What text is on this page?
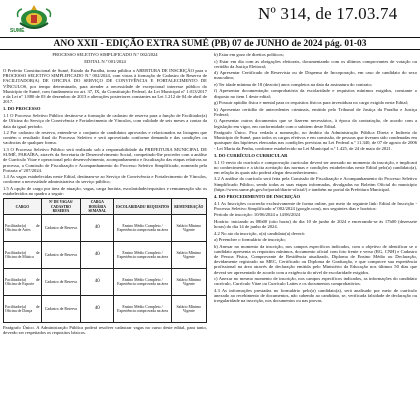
SUMÉ
Nº 314, de 17.03.74
ANO XXII - EDIÇÃO EXTRA SUMÉ (PB) 07 de JUNHO de 2024 pág. 01-03

PROCESSO SELETIVO SIMPLIFICADO N.º 002/2024

EDITAL N.º 001/2024

O Prefeito Constitucional de Sumé, Estado da Paraíba, torna pública a ABERTURA DE INSCRIÇÃO para o PROCESSO SELETIVO SIMPLIFICADO N.º 002/2024, com vistas à formação de Cadastro de Reserva de FACILITADOR(A) DE OFICINA DO SERVIÇO DE CONVIVÊNCIA E FORTALECIMENTO DE VÍNCULOS, por tempo determinado, para atender a necessidade de excepcional interesse público do Município de Sumé, com fundamento no art. 37, IX, da Constituição Federal, da Lei Municipal nº 1.013/2017 e da Lei nº 1.880 de 03 de dezembro de 2013 e alterações posteriores constantes na Lei 1.212 de 04 de abril de 2017.

1. DO PROCESSO

1.1 O Processo Seletivo Público destina-se a formação de cadastro de reserva para a função de Facilitador(a) de Oficina do Serviço de Convivência e Fortalecimento de Vínculos, com validade de seis meses a contar da data da igual período.

1.2 Por cadastro de reserva, entende-se o conjunto de candidatos aprovados e relacionados na listagem que contém o resultado final do Processo Seletivo e será aproveitado conforme demanda e das condições ou vacâncias de qualquer forma.

1.3 O Processo Seletivo Público será realizado sob a responsabilidade da PREFEITURA MUNICIPAL DE SUMÉ, PARAÍBA, através da Secretaria de Desenvolvimento Social, competindo-lhe proceder com a análise de Currículo Vitae e operacional pelo desenvolvimento, acompanhamento e fiscalização das etapas relativas ao processo, a Comissão de Fiscalização e Acompanhamento do Processo Seletivo Simplificado, nomeada pela Portaria nº 207/2024.

1.4 As vagas estabelecidas neste Edital, destinam-se ao Serviço de Convivência e Fortalecimento de Vínculos, conforme a necessidade administrativa do serviço público;

1.5 A opção de cargo por área de atuação, vagas, carga horária, escolaridade/requisitos e remuneração são os estabelecidos no quadro a seguir:

CARGO	Nº DE VAGAS/ CADASTRO RESERVA	CARGA HORÁRIA SEMANAL	ESCOLARIDADE/ REQUISITOS	REMUNERAÇÃO
Facilitador(a) de Oficina de Artes	Cadastro de Reserva	40	Ensino Médio Completo / Experiência comprovada na área	Salário Mínimo Vigente
Facilitador(a) de Oficina de Música	Cadastro de Reserva	40	Ensino Médio Completo / Experiência comprovada na área	Salário Mínimo Vigente
Facilitador(a) de Oficina de Esporte	Cadastro de Reserva	40	Ensino Médio Completo / Experiência comprovada na área	Salário Mínimo Vigente
Facilitador(a) de Oficina de Dança	Cadastro de Reserva	40	Ensino Médio Completo / Experiência comprovada na área	Salário Mínimo Vigente

Parágrafo Único. A Administração Pública poderá resolver cadastrar vagas no curso deste edital, para tanto, deverão ser respeitados os requisitos básicos.

b) Estar em gozo de direitos políticos;

c) Estar em dia com as obrigações eleitorais, documentando com os últimos comprovantes de votação ou certidão da Justiça Eleitoral;

d) Apresentar Certificado de Reservista ou de Dispensa de Incorporação, em caso de candidato do sexo masculino;

e) Ter idade mínima de 18 (dezoito) anos completos na data da assinatura do contrato;

f) Apresentar documentação comprobatória da escolaridade e requisitos mínimos exigidos, constante o disposto no item 1 deste edital;

g) Possuir aptidão física e mental para os requisitos físicos para investidura no cargo exigido neste Edital;

h) Apresentar certidão de antecedentes criminais, emitido pelo Tribunal de Justiça da Paraíba e Justiça Federal;

i) Apresentar outros documentos que se fizerem necessários, à época da contratação, de acordo com a legislação em vigor, em conformidade com o subitem deste Edital.

Parágrafo Único. Fica vedada a nomeação, no âmbito da Administração Pública Direta e Indireta do Município de Sumé, para todos os cargos efetivos e em comissão, de pessoas que tiveram sido condenadas em quaisquer das hipóteses elencadas nas condições previstas na Lei Federal n.º 11.340, de 07 de agosto de 2006 - Lei Maria da Penha, conforme estabelecido na Lei Municipal n.º 1.425, de 24 de maio de 2021.

3. DO CURRÍCULO CURRICULAR

3.1 O envio do currículo e comprovação curricular deverá ser anexado no momento da inscrição, e implicará no conhecimento e a tácita aceitação das normas e condições estabelecidas neste Edital pelo(a) candidato(a), em relação às quais não poderá alegar desconhecimento.

3.2 A análise do currículo será feita pela Comissão de Fiscalização e Acompanhamento do Processo Seletivo Simplificado Público, sendo todas as suas etapas informadas, divulgadas no Boletim Oficial do município (https://www.sume.pb.gov.br/portal/diario-oficial/) e também no portal da Prefeitura Municipal.

4. DO PROCEDIMENTO DE INSCRIÇÃO

4.1 As Inscrições ocorrerão exclusivamente de forma online, por meio do seguinte link: Edital de Inscrição - Processo Seletivo Simplificado nº 002/2024 (google.com), nos seguintes dias e horários:

Período de inscrição: 10/06/2024 a 14/06/2024

Horário: iniciando as 08h00 (oito horas) do dia 10 de junho de 2024 e encerrando-se às 17h00 (dezessete horas) do dia 14 de junho de 2024.

4.2 No ato da inscrição, o(a) candidato(a) deverá:

a) Preencher o formulário de inscrição;

b) Anexar no momento da inscrição, nos campos específicos indicados, com o objetivo de identificar se o candidato apresenta os requisitos mínimos, documento oficial com foto frente e verso (RG, CNH) e Cadastro de Pessoa Física, Comprovante de Residência atualizado, Diploma de Ensino Médio ou Declaração, devidamente registrado no MEC, Certificado ou Diploma de Graduação, e que comprove sua experiência profissional na área através de declaração emitida pelo Ministério da Educação nos últimos 50 dias que deverá ser apresentado de acordo com a exigência do nível de escolaridade exigidos.

c) Anexar no mesmo momento de inscrição, nos campos específicos indicados, as informações do candidato currículo, Currículo Vitae ou Currículo Lattes e os documentos comprobatórios.

4.3 As informações prestadas no formulário pelo(a) candidato(a), será analisado por meio de currículo anexado ao recebimento de documentos, não cabendo ao candidato, se, verificada falsidade de declaração ou irregularidade na inscrição, nos documentos ou nas provas.
